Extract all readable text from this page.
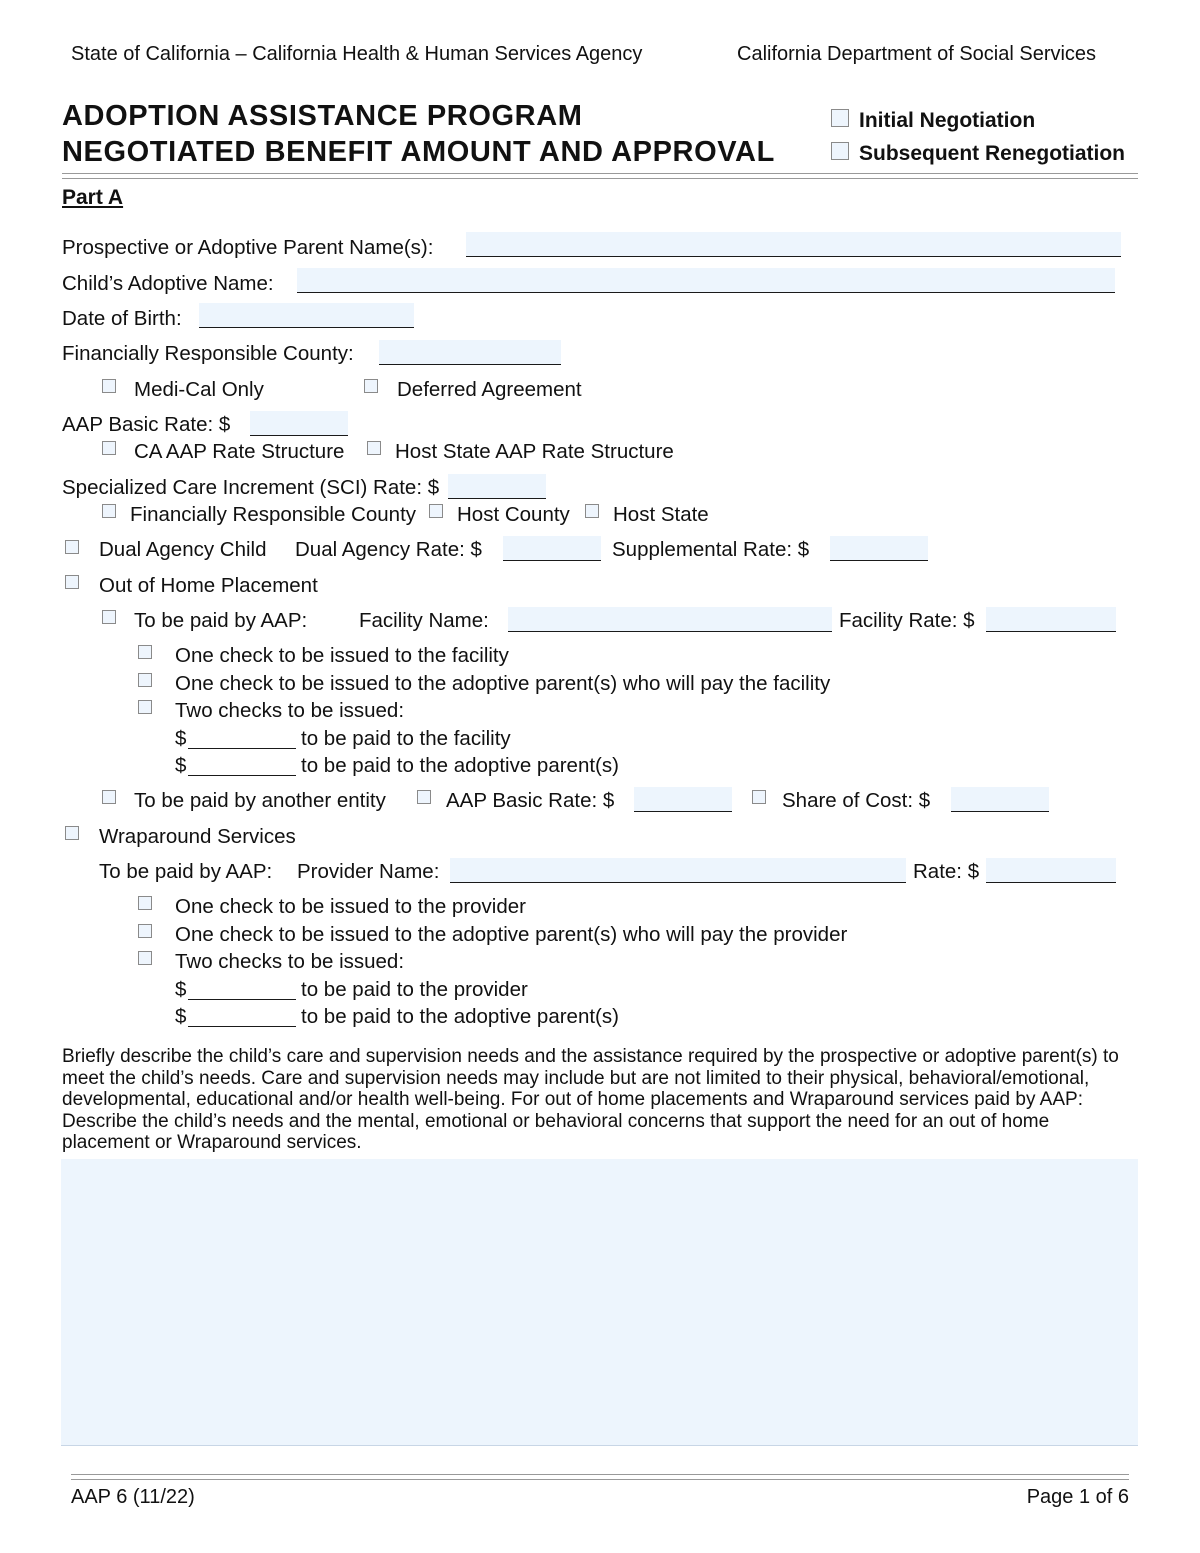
State of California – California Health & Human Services Agency	California Department of Social Services
ADOPTION ASSISTANCE PROGRAM
NEGOTIATED BENEFIT AMOUNT AND APPROVAL
Initial Negotiation
Subsequent Renegotiation
Part A
Prospective or Adoptive Parent Name(s):
Child’s Adoptive Name:
Date of Birth:
Financially Responsible County:
Medi-Cal Only	Deferred Agreement
AAP Basic Rate: $
CA AAP Rate Structure Host State AAP Rate Structure
Specialized Care Increment (SCI) Rate: $
Financially Responsible County Host County Host State
Dual Agency Child Dual Agency Rate: $	Supplemental Rate: $
Out of Home Placement
To be paid by AAP:	Facility Name:	Facility Rate: $
One check to be issued to the facility
One check to be issued to the adoptive parent(s) who will pay the facility
Two checks to be issued:
$	to be paid to the facility
$	to be paid to the adoptive parent(s)
To be paid by another entity	AAP Basic Rate: $	Share of Cost: $
Wraparound Services
To be paid by AAP: Provider Name:	Rate: $
One check to be issued to the provider
One check to be issued to the adoptive parent(s) who will pay the provider
Two checks to be issued:
$	to be paid to the provider
$	to be paid to the adoptive parent(s)
Briefly describe the child’s care and supervision needs and the assistance required by the prospective or adoptive parent(s) to meet the child’s needs. Care and supervision needs may include but are not limited to their physical, behavioral/emotional, developmental, educational and/or health well-being. For out of home placements and Wraparound services paid by AAP: Describe the child’s needs and the mental, emotional or behavioral concerns that support the need for an out of home placement or Wraparound services.
AAP 6 (11/22)	Page 1 of 6
